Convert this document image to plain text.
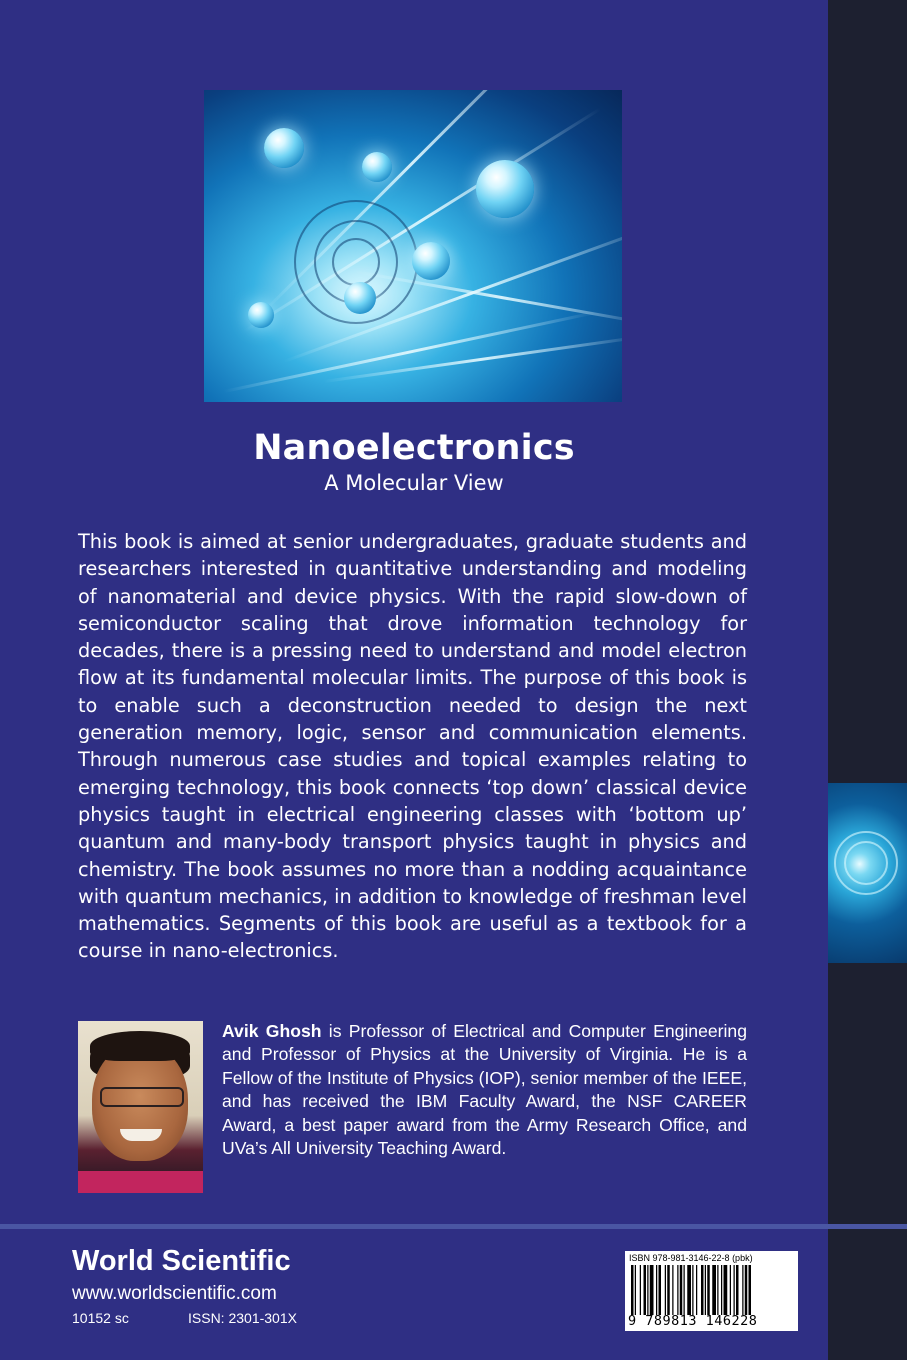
Nanoelectronics
A Molecular View

This book is aimed at senior undergraduates, graduate students and researchers interested in quantitative understanding and modeling of nanomaterial and device physics. With the rapid slow-down of semiconductor scaling that drove information technology for decades, there is a pressing need to understand and model electron flow at its fundamental molecular limits. The purpose of this book is to enable such a deconstruction needed to design the next generation memory, logic, sensor and communication elements. Through numerous case studies and topical examples relating to emerging technology, this book connects ‘top down’ classical device physics taught in electrical engineering classes with ‘bottom up’ quantum and many-body transport physics taught in physics and chemistry. The book assumes no more than a nodding acquaintance with quantum mechanics, in addition to knowledge of freshman level mathematics. Segments of this book are useful as a textbook for a course in nano-electronics.

Avik Ghosh is Professor of Electrical and Computer Engineering and Professor of Physics at the University of Virginia. He is a Fellow of the Institute of Physics (IOP), senior member of the IEEE, and has received the IBM Faculty Award, the NSF CAREER Award, a best paper award from the Army Research Office, and UVa’s All University Teaching Award.

World Scientific
www.worldscientific.com
10152 sc	ISSN: 2301-301X
ISBN 978-981-3146-22-8 (pbk)
9 789813 146228
